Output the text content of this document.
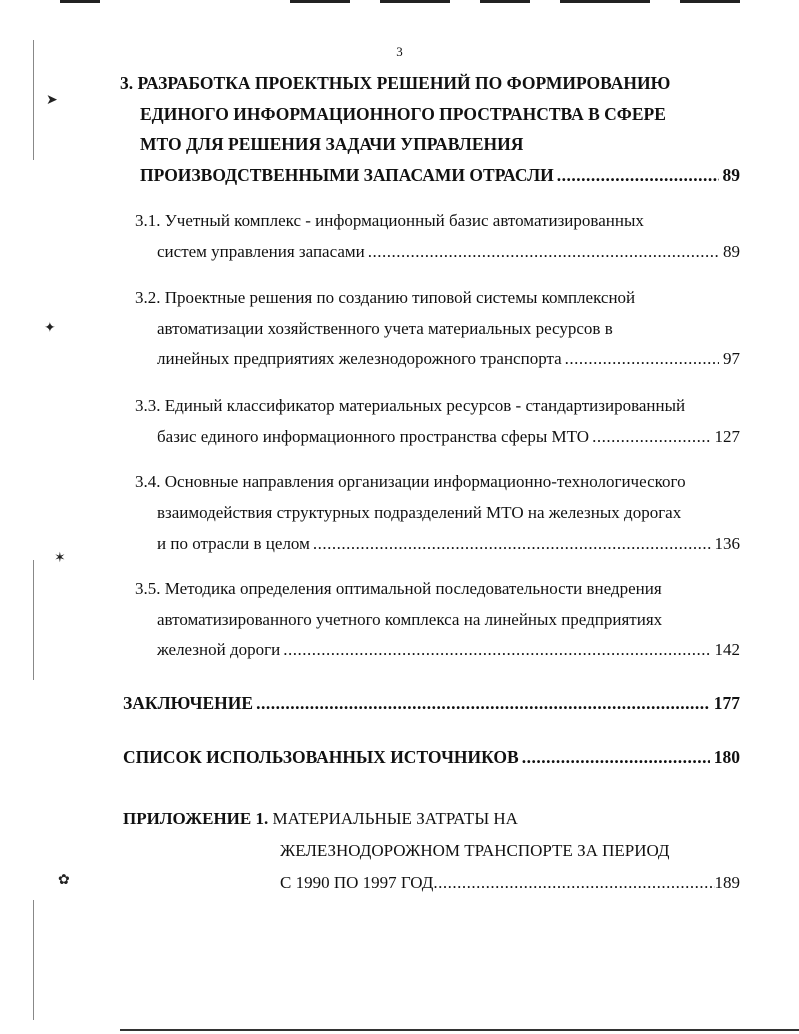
➤
✦
✶
✿
3
3. РАЗРАБОТКА ПРОЕКТНЫХ РЕШЕНИЙ ПО ФОРМИРОВАНИЮ
ЕДИНОГО ИНФОРМАЦИОННОГО ПРОСТРАНСТВА В СФЕРЕ
МТО ДЛЯ РЕШЕНИЯ ЗАДАЧИ УПРАВЛЕНИЯ
ПРОИЗВОДСТВЕННЫМИ ЗАПАСАМИ ОТРАСЛИ .....	89
3.1. Учетный комплекс - информационный базис автоматизированных
систем управления запасами .....	89
3.2. Проектные решения по созданию типовой системы комплексной
автоматизации хозяйственного учета материальных ресурсов в
линейных предприятиях железнодорожного транспорта .....	97
3.3. Единый классификатор материальных ресурсов - стандартизированный
базис единого информационного пространства сферы МТО .....	127
3.4. Основные направления организации информационно-технологического
взаимодействия структурных подразделений МТО на железных дорогах
и по отрасли в целом .....	136
3.5. Методика определения оптимальной последовательности внедрения
автоматизированного учетного комплекса на линейных предприятиях
железной дороги .....	142
ЗАКЛЮЧЕНИЕ .....	177
СПИСОК ИСПОЛЬЗОВАННЫХ ИСТОЧНИКОВ .....	180
ПРИЛОЖЕНИЕ 1. МАТЕРИАЛЬНЫЕ ЗАТРАТЫ НА
ЖЕЛЕЗНОДОРОЖНОМ ТРАНСПОРТЕ ЗА ПЕРИОД
С 1990 ПО 1997 ГОД .....	189
